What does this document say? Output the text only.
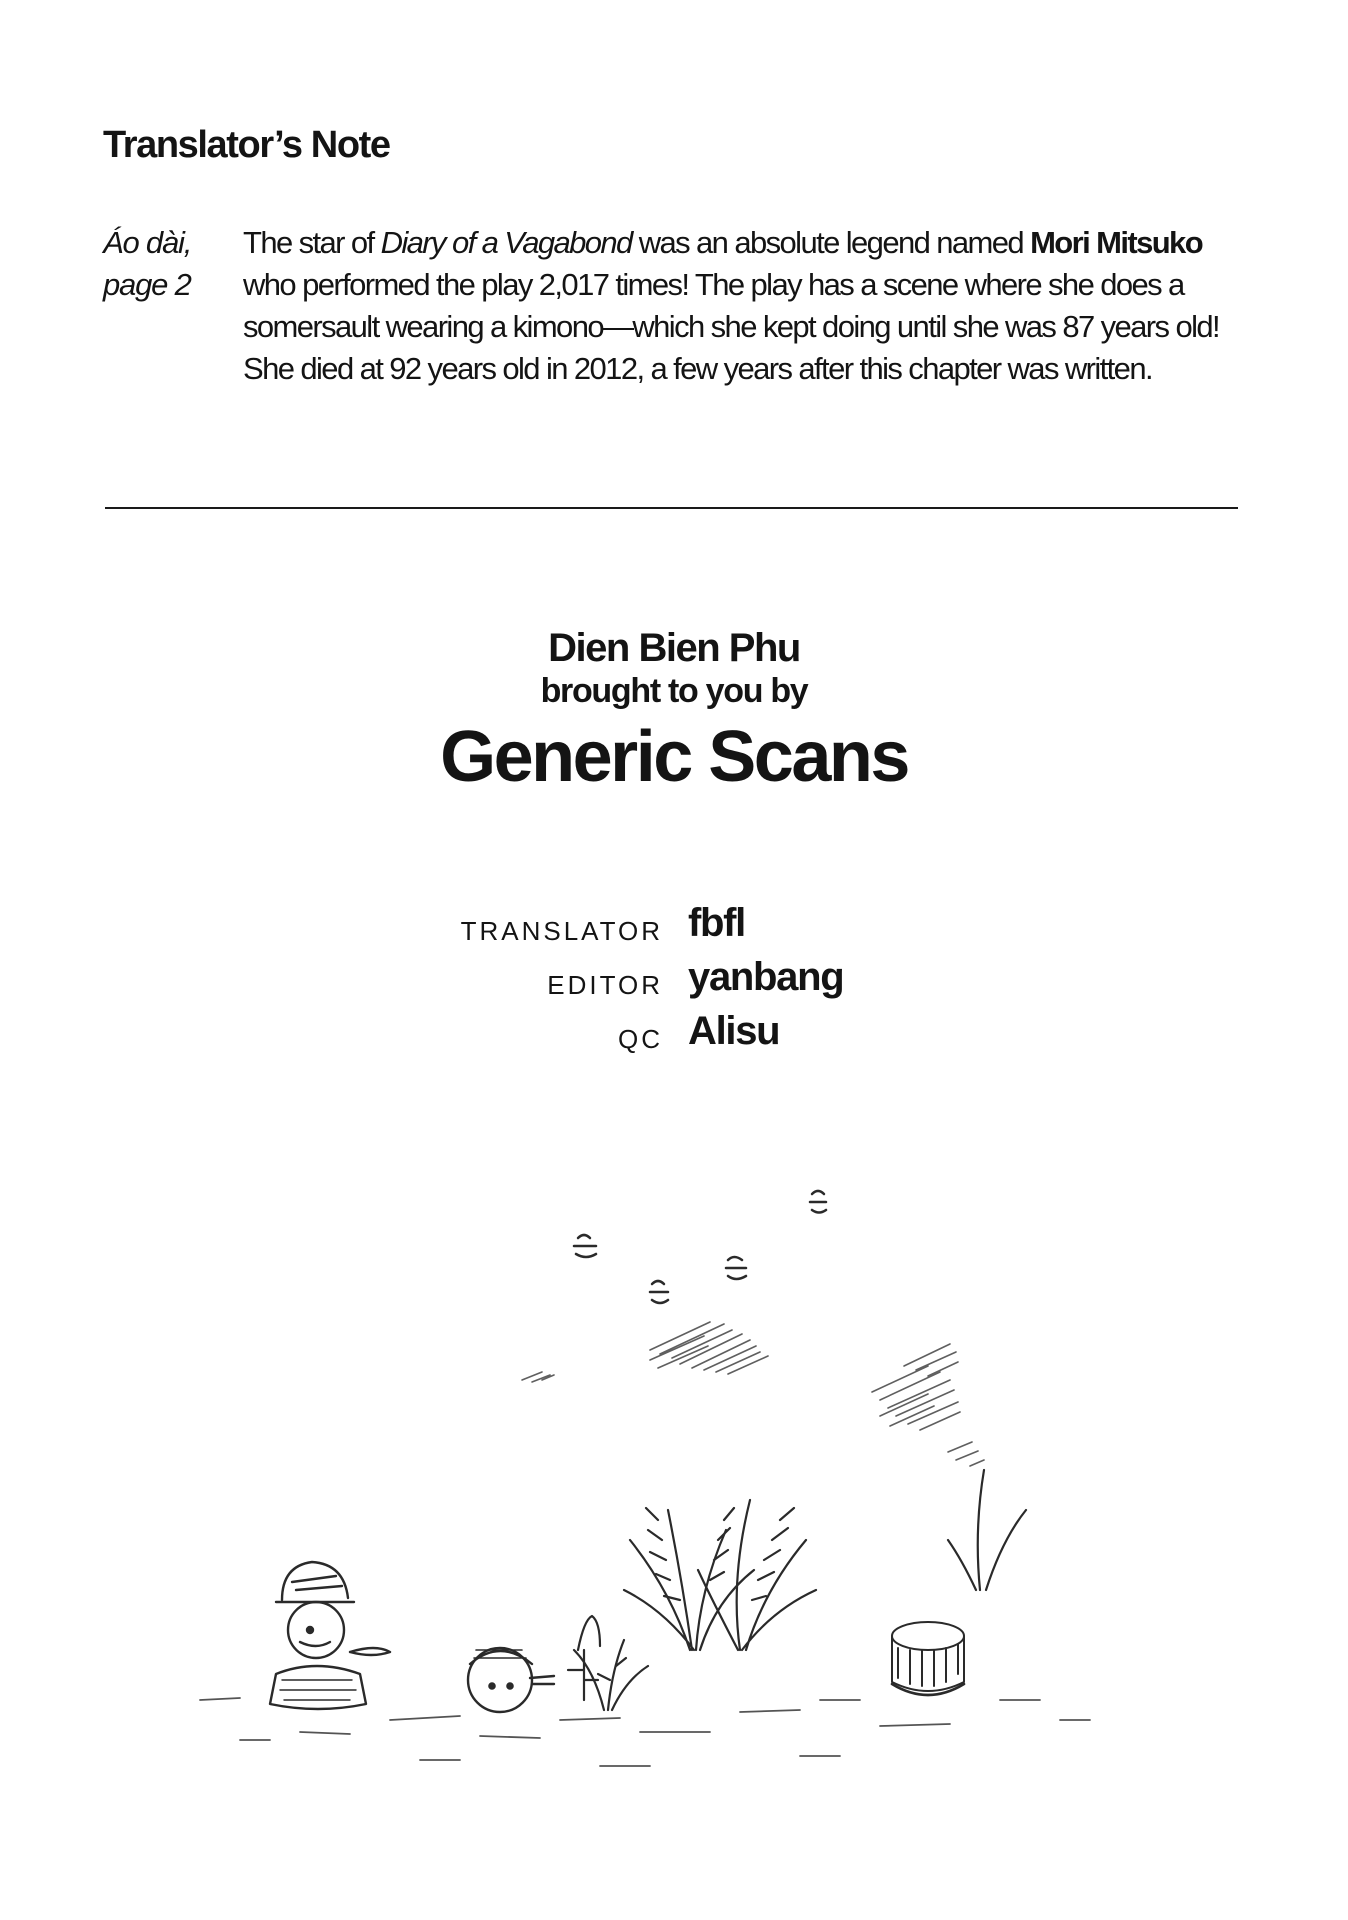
Translator’s Note
Áo dài,
page 2
The star of Diary of a Vagabond was an absolute legend named Mori Mitsuko
who performed the play 2,017 times! The play has a scene where she does a
somersault wearing a kimono—which she kept doing until she was 87 years old!
She died at 92 years old in 2012, a few years after this chapter was written.
Dien Bien Phu
brought to you by
Generic Scans
TRANSLATOR fbfl
EDITOR yanbang
QC Alisu
